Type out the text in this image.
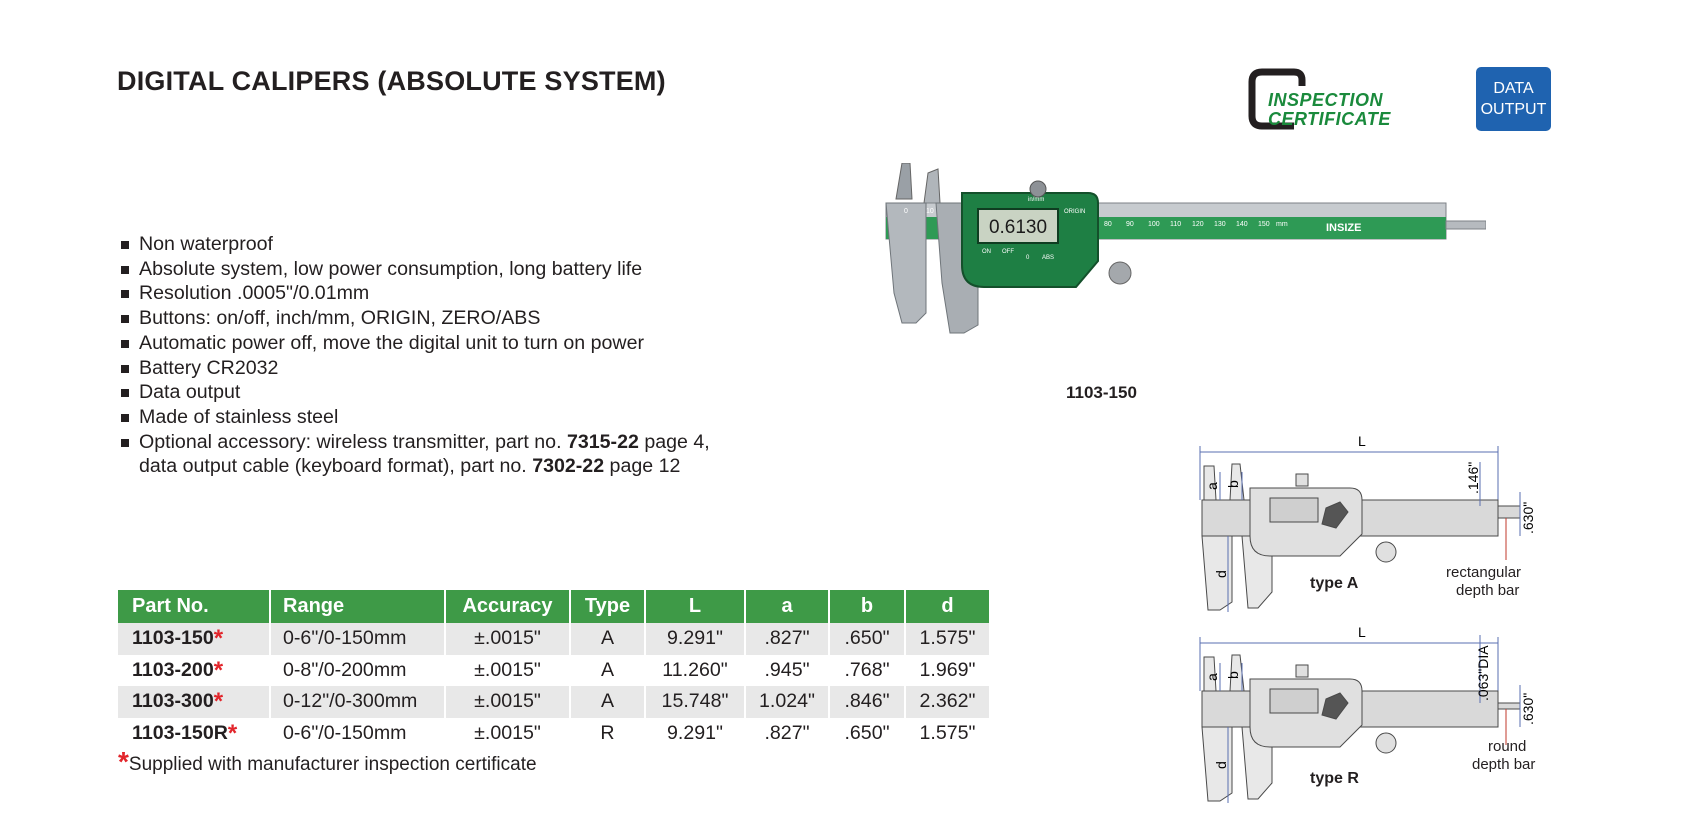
DIGITAL CALIPERS (ABSOLUTE SYSTEM)
INSPECTION
CERTIFICATE
DATA
OUTPUT
Non waterproof
Absolute system, low power consumption, long battery life
Resolution .0005"/0.01mm
Buttons: on/off, inch/mm, ORIGIN, ZERO/ABS
Automatic power off, move the digital unit to turn on power
Battery CR2032
Data output
Made of stainless steel
Optional accessory: wireless transmitter, part no. 7315-22 page 4,
data output cable (keyboard format), part no. 7302-22 page 12
0.6130
ORIGIN
ON OFF
ABS
in/mm
0
0	10
80 90 100 110 120 130 140 150 mm	INSIZE
1103-150
Part No.	Range	Accuracy	Type	L	a	b	d
1103-150*	0-6"/0-150mm	±.0015"	A	9.291"	.827"	.650"	1.575"
1103-200*	0-8"/0-200mm	±.0015"	A	11.260"	.945"	.768"	1.969"
1103-300*	0-12"/0-300mm	±.0015"	A	15.748"	1.024"	.846"	2.362"
1103-150R*	0-6"/0-150mm	±.0015"	R	9.291"	.827"	.650"	1.575"
*Supplied with manufacturer inspection certificate
L
a b
d
.146"
.630"
type A
rectangular
depth bar
L
a b
d
.063"DIA
.630"
type R
round
depth bar
